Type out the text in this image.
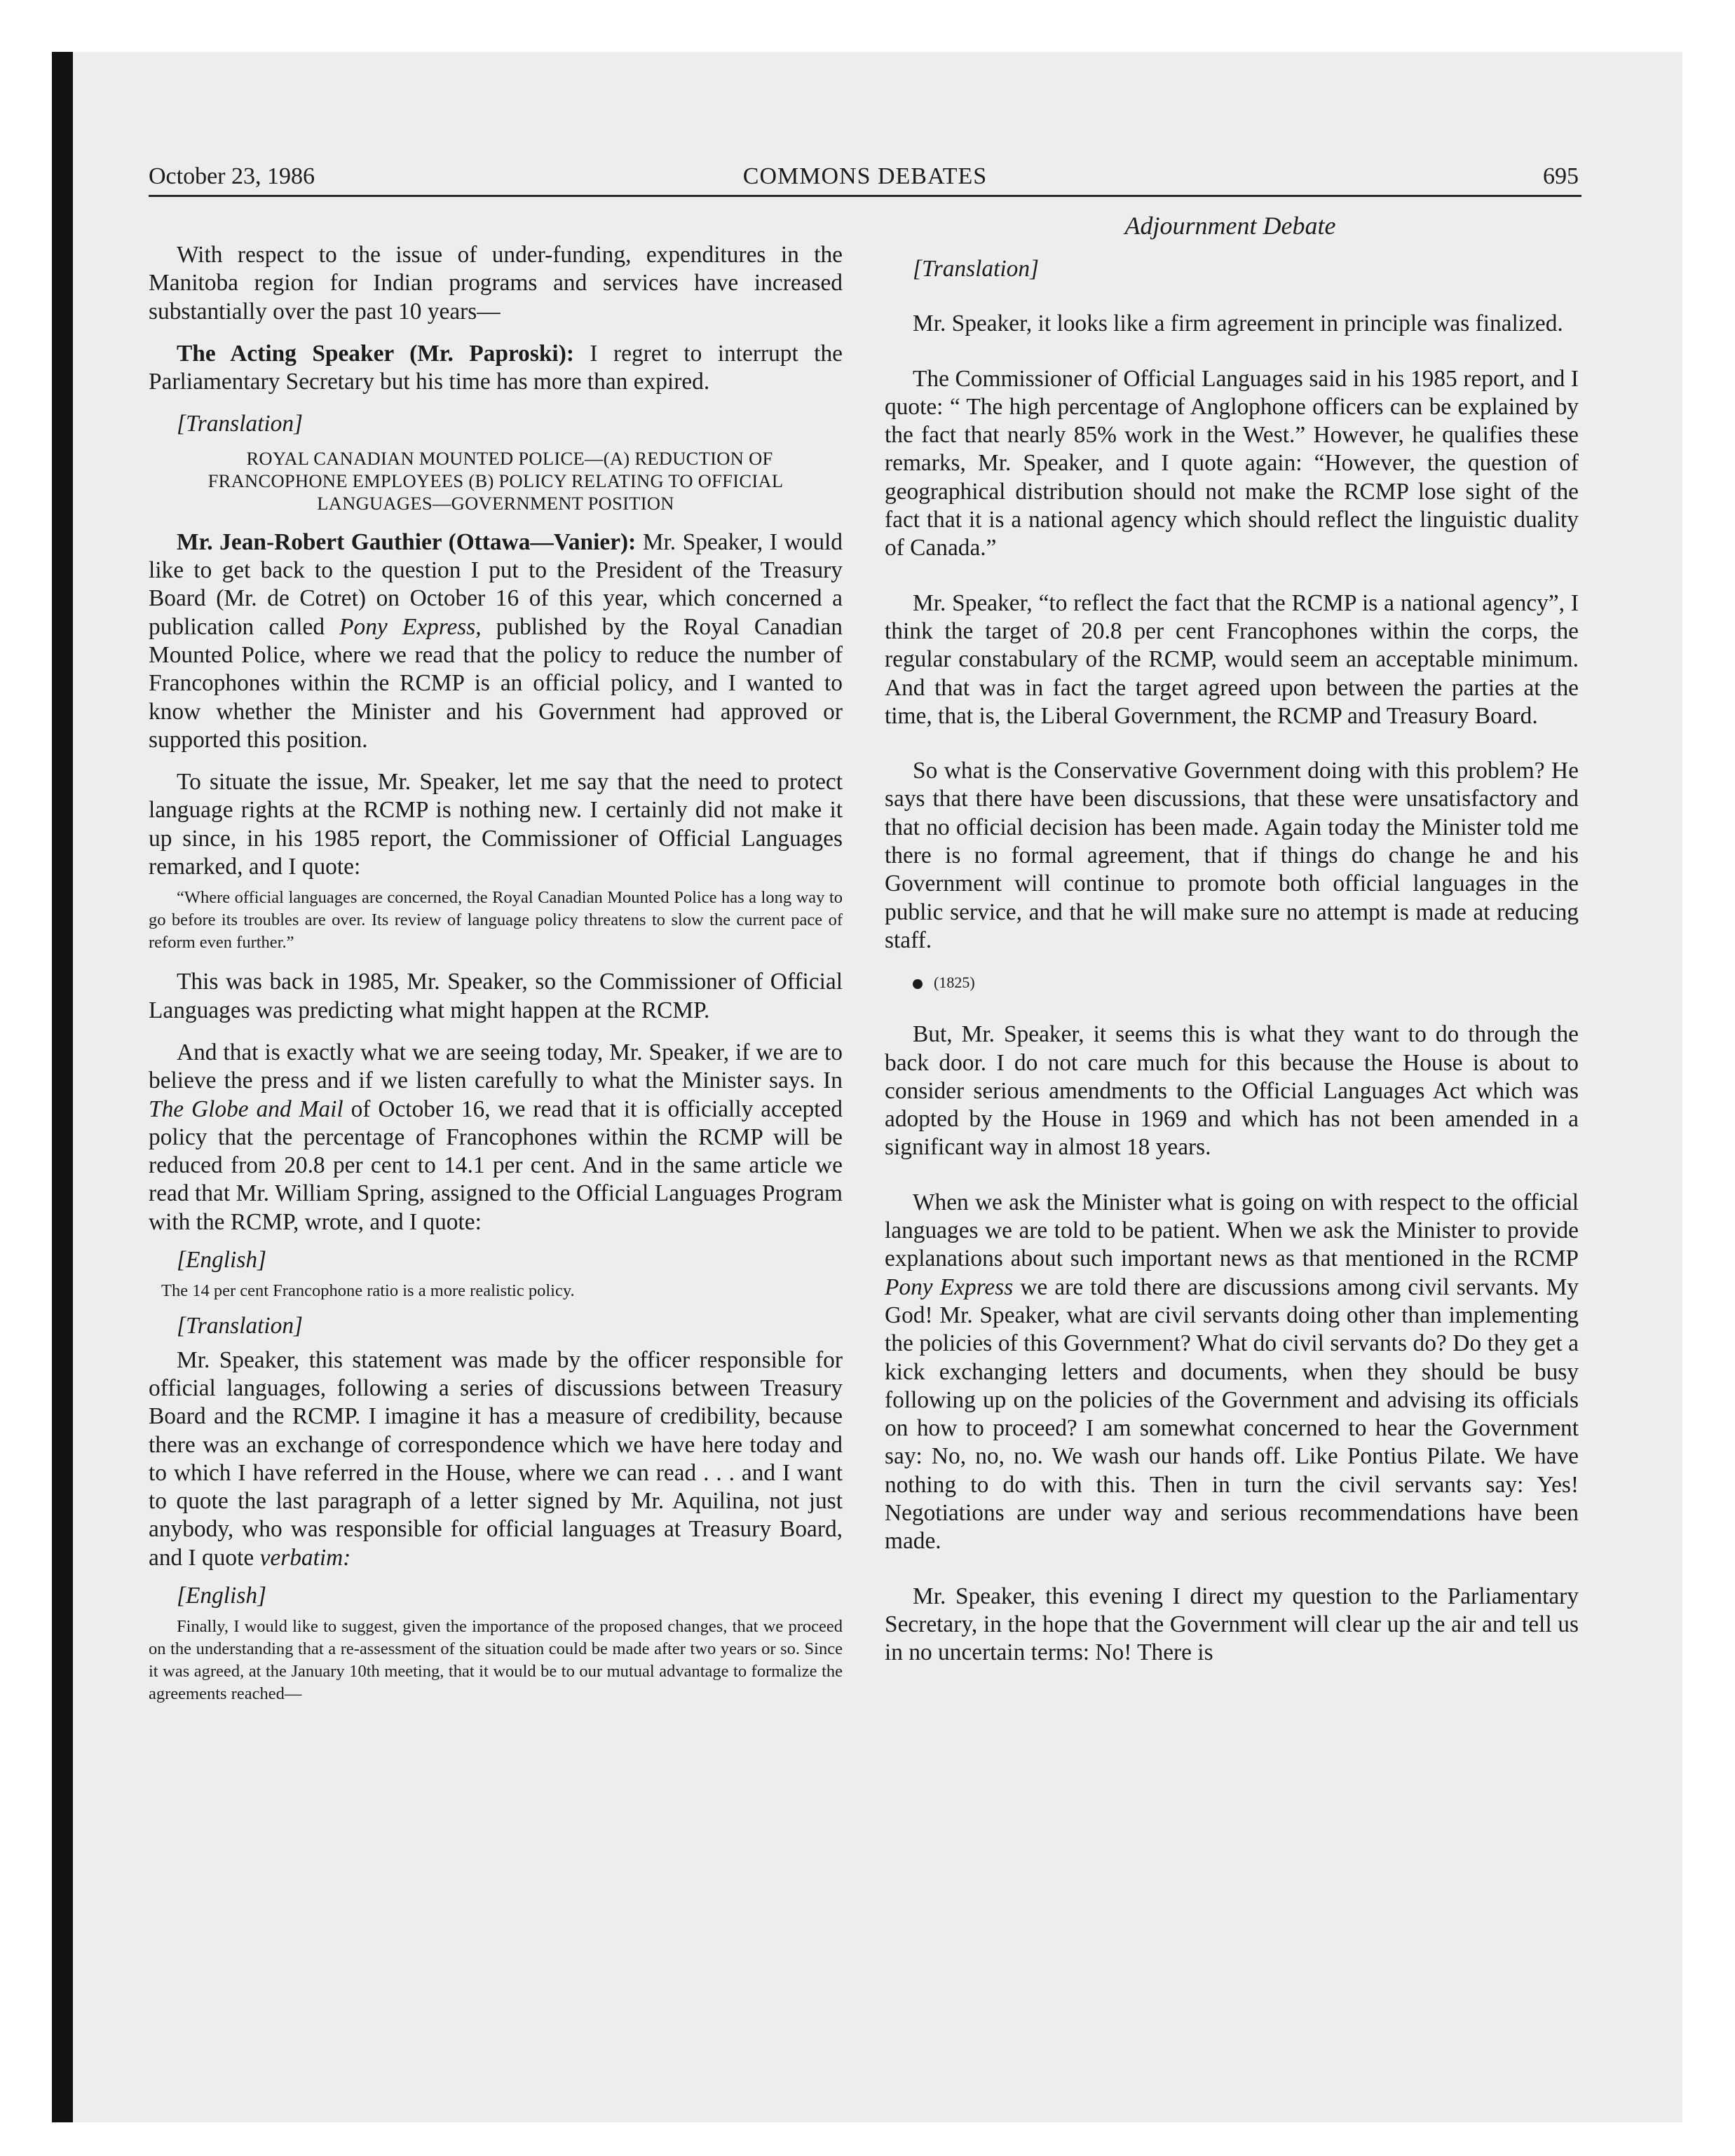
October 23, 1986	COMMONS DEBATES	695
Adjournment Debate

With respect to the issue of under-funding, expenditures in the Manitoba region for Indian programs and services have increased substantially over the past 10 years—

The Acting Speaker (Mr. Paproski): I regret to interrupt the Parliamentary Secretary but his time has more than expired.

[Translation]

ROYAL CANADIAN MOUNTED POLICE—(A) REDUCTION OF FRANCOPHONE EMPLOYEES (B) POLICY RELATING TO OFFICIAL LANGUAGES—GOVERNMENT POSITION

Mr. Jean-Robert Gauthier (Ottawa—Vanier): Mr. Speaker, I would like to get back to the question I put to the President of the Treasury Board (Mr. de Cotret) on October 16 of this year, which concerned a publication called Pony Express, published by the Royal Canadian Mounted Police, where we read that the policy to reduce the number of Francophones within the RCMP is an official policy, and I wanted to know whether the Minister and his Government had approved or supported this position.

To situate the issue, Mr. Speaker, let me say that the need to protect language rights at the RCMP is nothing new. I certainly did not make it up since, in his 1985 report, the Commissioner of Official Languages remarked, and I quote:

“Where official languages are concerned, the Royal Canadian Mounted Police has a long way to go before its troubles are over. Its review of language policy threatens to slow the current pace of reform even further.”

This was back in 1985, Mr. Speaker, so the Commissioner of Official Languages was predicting what might happen at the RCMP.

And that is exactly what we are seeing today, Mr. Speaker, if we are to believe the press and if we listen carefully to what the Minister says. In The Globe and Mail of October 16, we read that it is officially accepted policy that the percentage of Francophones within the RCMP will be reduced from 20.8 per cent to 14.1 per cent. And in the same article we read that Mr. William Spring, assigned to the Official Languages Program with the RCMP, wrote, and I quote:

[English]

The 14 per cent Francophone ratio is a more realistic policy.

[Translation]

Mr. Speaker, this statement was made by the officer responsible for official languages, following a series of discussions between Treasury Board and the RCMP. I imagine it has a measure of credibility, because there was an exchange of correspondence which we have here today and to which I have referred in the House, where we can read . . . and I want to quote the last paragraph of a letter signed by Mr. Aquilina, not just anybody, who was responsible for official languages at Treasury Board, and I quote verbatim:

[English]

Finally, I would like to suggest, given the importance of the proposed changes, that we proceed on the understanding that a re-assessment of the situation could be made after two years or so. Since it was agreed, at the January 10th meeting, that it would be to our mutual advantage to formalize the agreements reached—

[Translation]

Mr. Speaker, it looks like a firm agreement in principle was finalized.

The Commissioner of Official Languages said in his 1985 report, and I quote: “ The high percentage of Anglophone officers can be explained by the fact that nearly 85% work in the West.” However, he qualifies these remarks, Mr. Speaker, and I quote again: “However, the question of geographical distribution should not make the RCMP lose sight of the fact that it is a national agency which should reflect the linguistic duality of Canada.”

Mr. Speaker, “to reflect the fact that the RCMP is a national agency”, I think the target of 20.8 per cent Francophones within the corps, the regular constabulary of the RCMP, would seem an acceptable minimum. And that was in fact the target agreed upon between the parties at the time, that is, the Liberal Government, the RCMP and Treasury Board.

So what is the Conservative Government doing with this problem? He says that there have been discussions, that these were unsatisfactory and that no official decision has been made. Again today the Minister told me there is no formal agreement, that if things do change he and his Government will continue to promote both official languages in the public service, and that he will make sure no attempt is made at reducing staff.

(1825)

But, Mr. Speaker, it seems this is what they want to do through the back door. I do not care much for this because the House is about to consider serious amendments to the Official Languages Act which was adopted by the House in 1969 and which has not been amended in a significant way in almost 18 years.

When we ask the Minister what is going on with respect to the official languages we are told to be patient. When we ask the Minister to provide explanations about such important news as that mentioned in the RCMP Pony Express we are told there are discussions among civil servants. My God! Mr. Speaker, what are civil servants doing other than implementing the policies of this Government? What do civil servants do? Do they get a kick exchanging letters and documents, when they should be busy following up on the policies of the Government and advising its officials on how to proceed? I am somewhat concerned to hear the Government say: No, no, no. We wash our hands off. Like Pontius Pilate. We have nothing to do with this. Then in turn the civil servants say: Yes! Negotiations are under way and serious recommendations have been made.

Mr. Speaker, this evening I direct my question to the Parliamentary Secretary, in the hope that the Government will clear up the air and tell us in no uncertain terms: No! There is
